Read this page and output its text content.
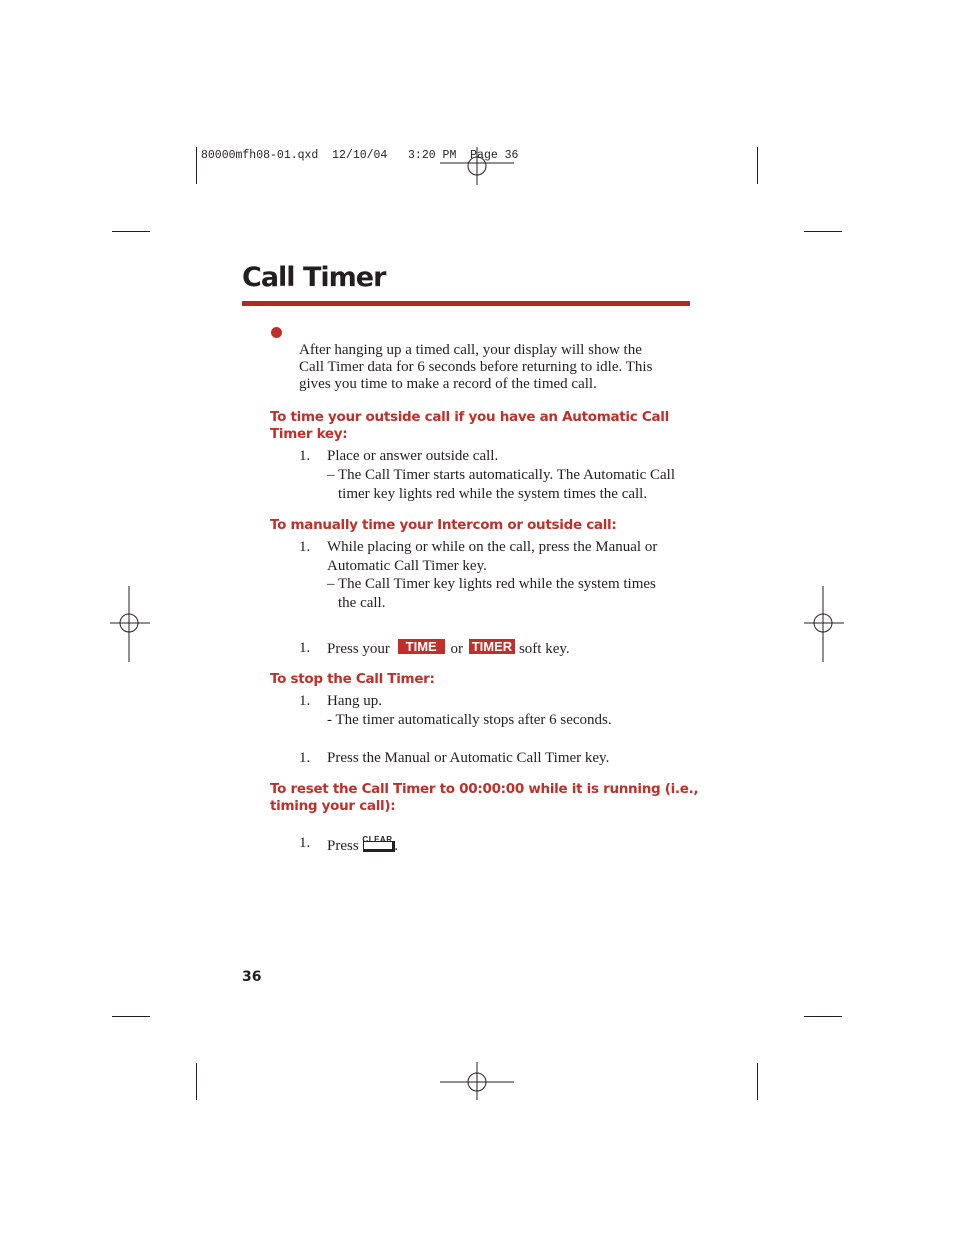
80000mfh08-01.qxd  12/10/04   3:20 PM  Page 36
Call Timer
After hanging up a timed call, your display will show the
Call Timer data for 6 seconds before returning to idle. This
gives you time to make a record of the timed call.
To time your outside call if you have an Automatic Call
Timer key:
1. Place or answer outside call.
– The Call Timer starts automatically. The Automatic Call
timer key lights red while the system times the call.
To manually time your Intercom or outside call:
1. While placing or while on the call, press the Manual or
Automatic Call Timer key.
– The Call Timer key lights red while the system times
the call.
1. Press your TIME or TIMER soft key.
To stop the Call Timer:
1. Hang up.
- The timer automatically stops after 6 seconds.
1. Press the Manual or Automatic Call Timer key.
To reset the Call Timer to 00:00:00 while it is running (i.e.,
timing your call):
1. Press CLEAR .
36
